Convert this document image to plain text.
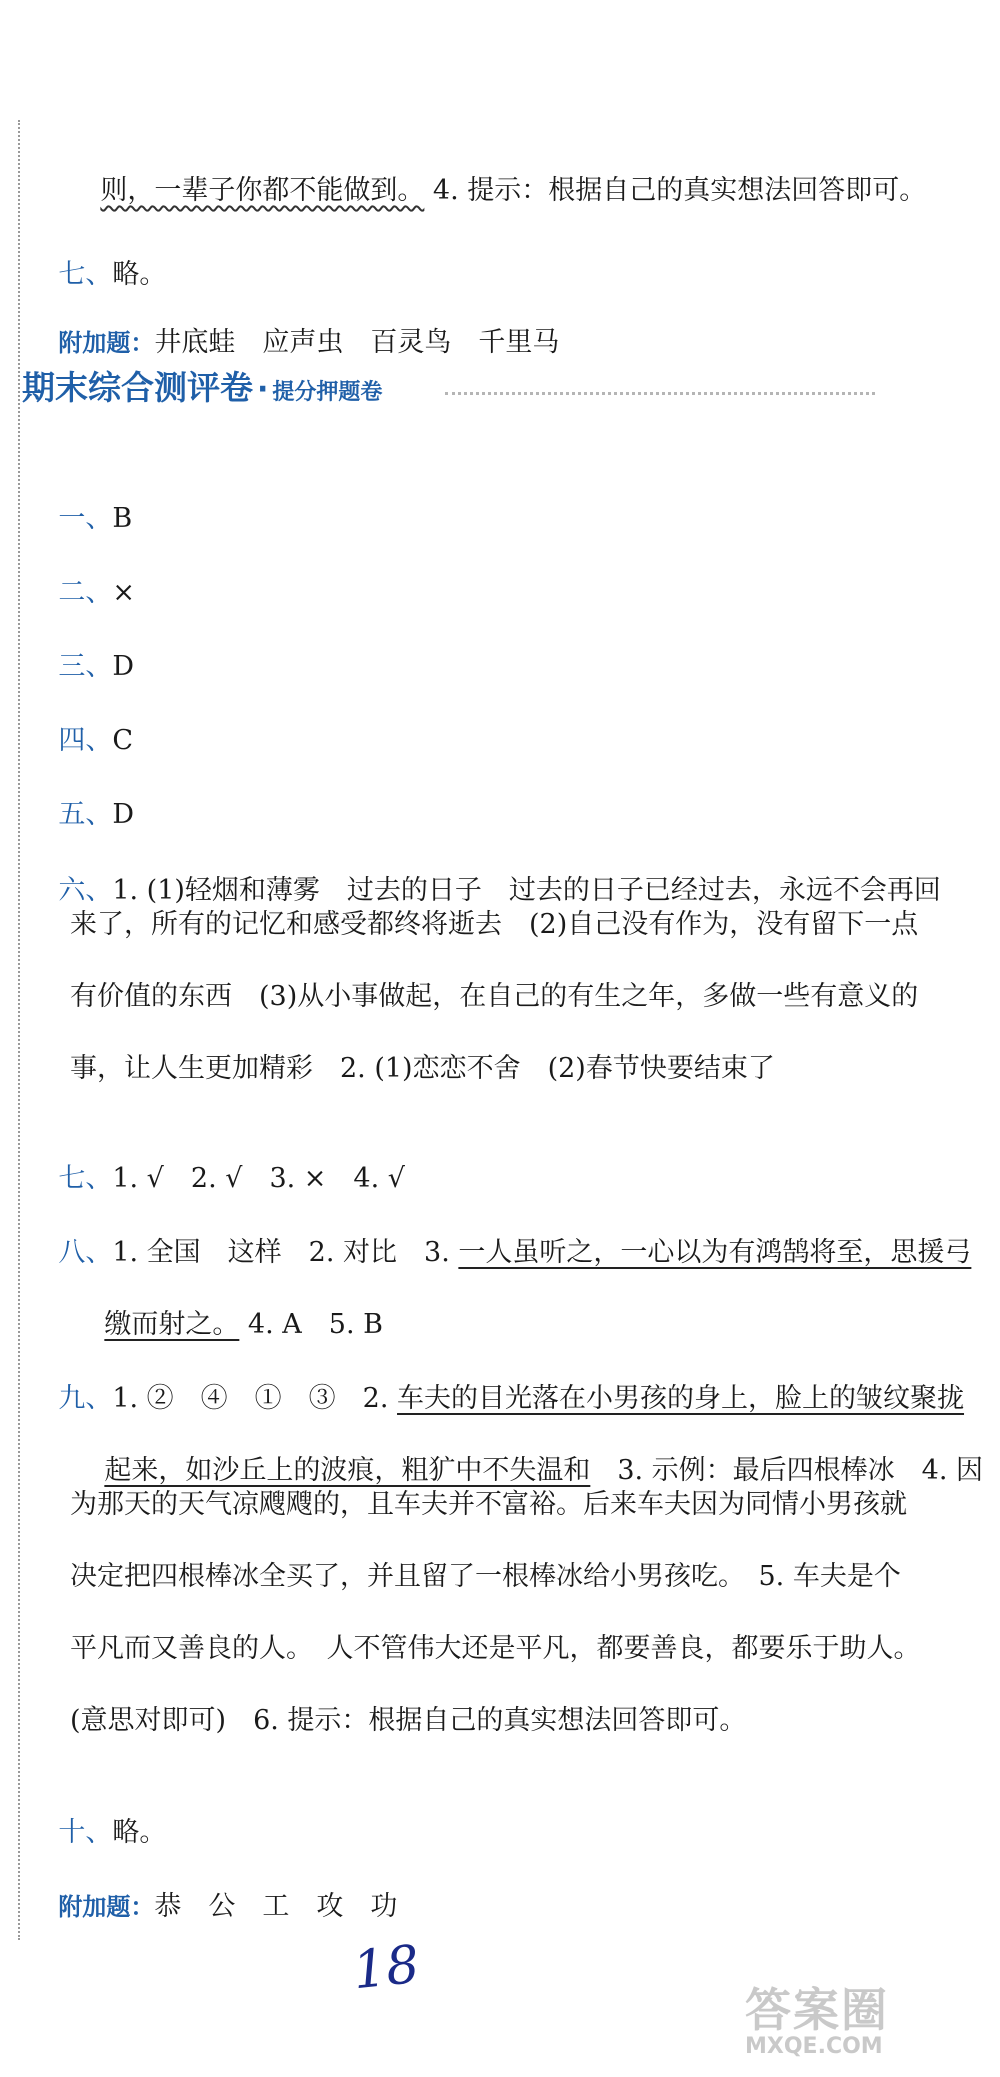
则，一辈子你都不能做到。 4. 提示：根据自己的真实想法回答即可。

七、略。

附加题：井底蛙　应声虫　百灵鸟　千里马

期末综合测评卷 · 提分押题卷

一、B

二、×

三、D

四、C

五、D

六、1. (1)轻烟和薄雾　过去的日子　过去的日子已经过去，永远不会再回

来了，所有的记忆和感受都终将逝去　(2)自己没有作为，没有留下一点
有价值的东西　(3)从小事做起，在自己的有生之年，多做一些有意义的
事，让人生更加精彩　2. (1)恋恋不舍　(2)春节快要结束了

七、1. √　2. √　3. ×　4. √

八、1. 全国　这样　2. 对比　3. 一人虽听之，一心以为有鸿鹄将至，思援弓

缴而射之。 4. A　5. B

九、1. ②　④　①　③　2. 车夫的目光落在小男孩的身上，脸上的皱纹聚拢

起来，如沙丘上的波痕，粗犷中不失温和　3. 示例：最后四根棒冰　4. 因

为那天的天气凉飕飕的，且车夫并不富裕。后来车夫因为同情小男孩就
决定把四根棒冰全买了，并且留了一根棒冰给小男孩吃。　5. 车夫是个
平凡而又善良的人。　人不管伟大还是平凡，都要善良，都要乐于助人。
(意思对即可)　6. 提示：根据自己的真实想法回答即可。

十、略。

附加题：恭　公　工　攻　功

18
答案圈
MXQE.COM
